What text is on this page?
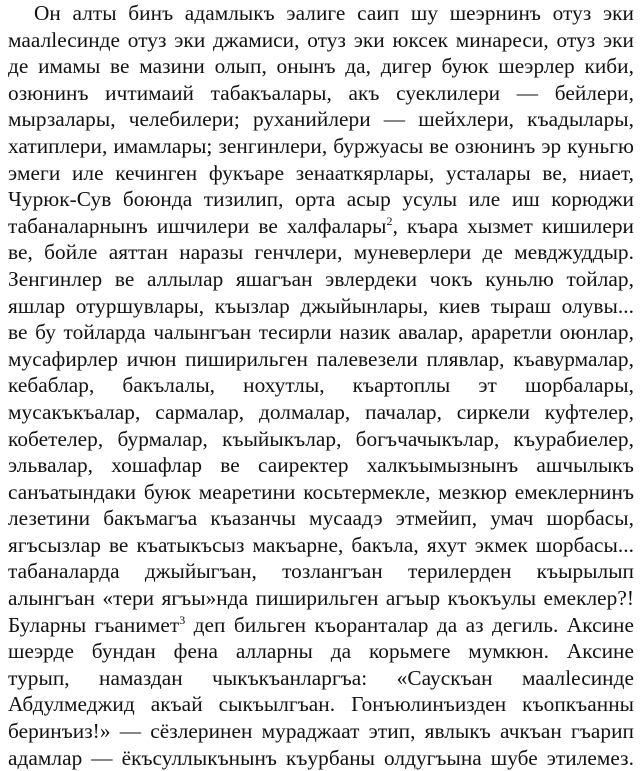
Он алты бинъ адамлыкъ эалиге саип шу шеэрнинъ отуз эки
маалlесинде отуз эки джамиси, отуз эки юксек минареси, отуз эки
де имамы ве мазини олып, онынъ да, дигер буюк шеэрлер киби,
озюнинъ ичтимаий табакъалары, акъ суеклилери — бейлери,
мырзалары, челебилери; руханийлери — шейхлери, къадылары,
хатиплери, имамлары; зенгинлери, буржуасы ве озюнинъ эр куньгю
эмеги иле кечинген фукъаре зенааткярлары, усталары ве, ниает,
Чурюк-Сув боюнда тизилип, орта асыр усулы иле иш корюджи
табаналарнынъ ишчилери ве халфалары$^2$, къара хызмет кишилери
ве, бойле аяттан наразы генчлери, муневерлери де мевджуддыр.
Зенгинлер ве аллылар яшагъан эвлердеки чокъ куньлю тойлар,
яшлар отуршувлары, къызлар джыйынлары, киев тыраш олувы...
ве бу тойларда чалынгъан тесирли назик авалар, араретли оюнлар,
мусафирлер ичюн пиширильген палевезели плявлар, къавурмалар,
кебаблар, бакълалы, нохутлы, къартоплы эт шорбалары,
мусакъкъалар, сармалар, долмалар, пачалар, сиркели куфтелер,
кобетелер, бурмалар, къыйыкълар, богъчачыкълар, къурабиелер,
эльвалар, хошафлар ве саиректер халкъымызнынъ ашчылыкъ
санъатындаки буюк меаретини косьтермекле, мезкюр емеклернинъ
лезетини бакъмагъа къазанчы мусаадэ этмейип, умач шорбасы,
ягъсызлар ве къатыкъсыз макъарне, бакъла, яхут экмек шорбасы...
табаналарда джыйыгъан, тозлангъан терилерден къырылып
алынгъан «тери ягъы»нда пиширильген агъыр къокъулы емеклер?!
Буларны гъанимет$^3$ деп бильген къоранталар да аз дегиль. Аксине
шеэрде бундан фена алларны да корьмеге мумкюн. Аксине
турып, намаздан чыкъкъанларгъа: «Саускъан маалlесинде
Абдулмеджид акъай сыкъылгъан. Гонъюлинъизден къопкъанны
беринъиз!» — сёзлеринен мураджаат этип, явлыкъ ачкъан гъарип
адамлар — ёкъсуллыкънынъ къурбаны олдугъына шубе этилемез.
